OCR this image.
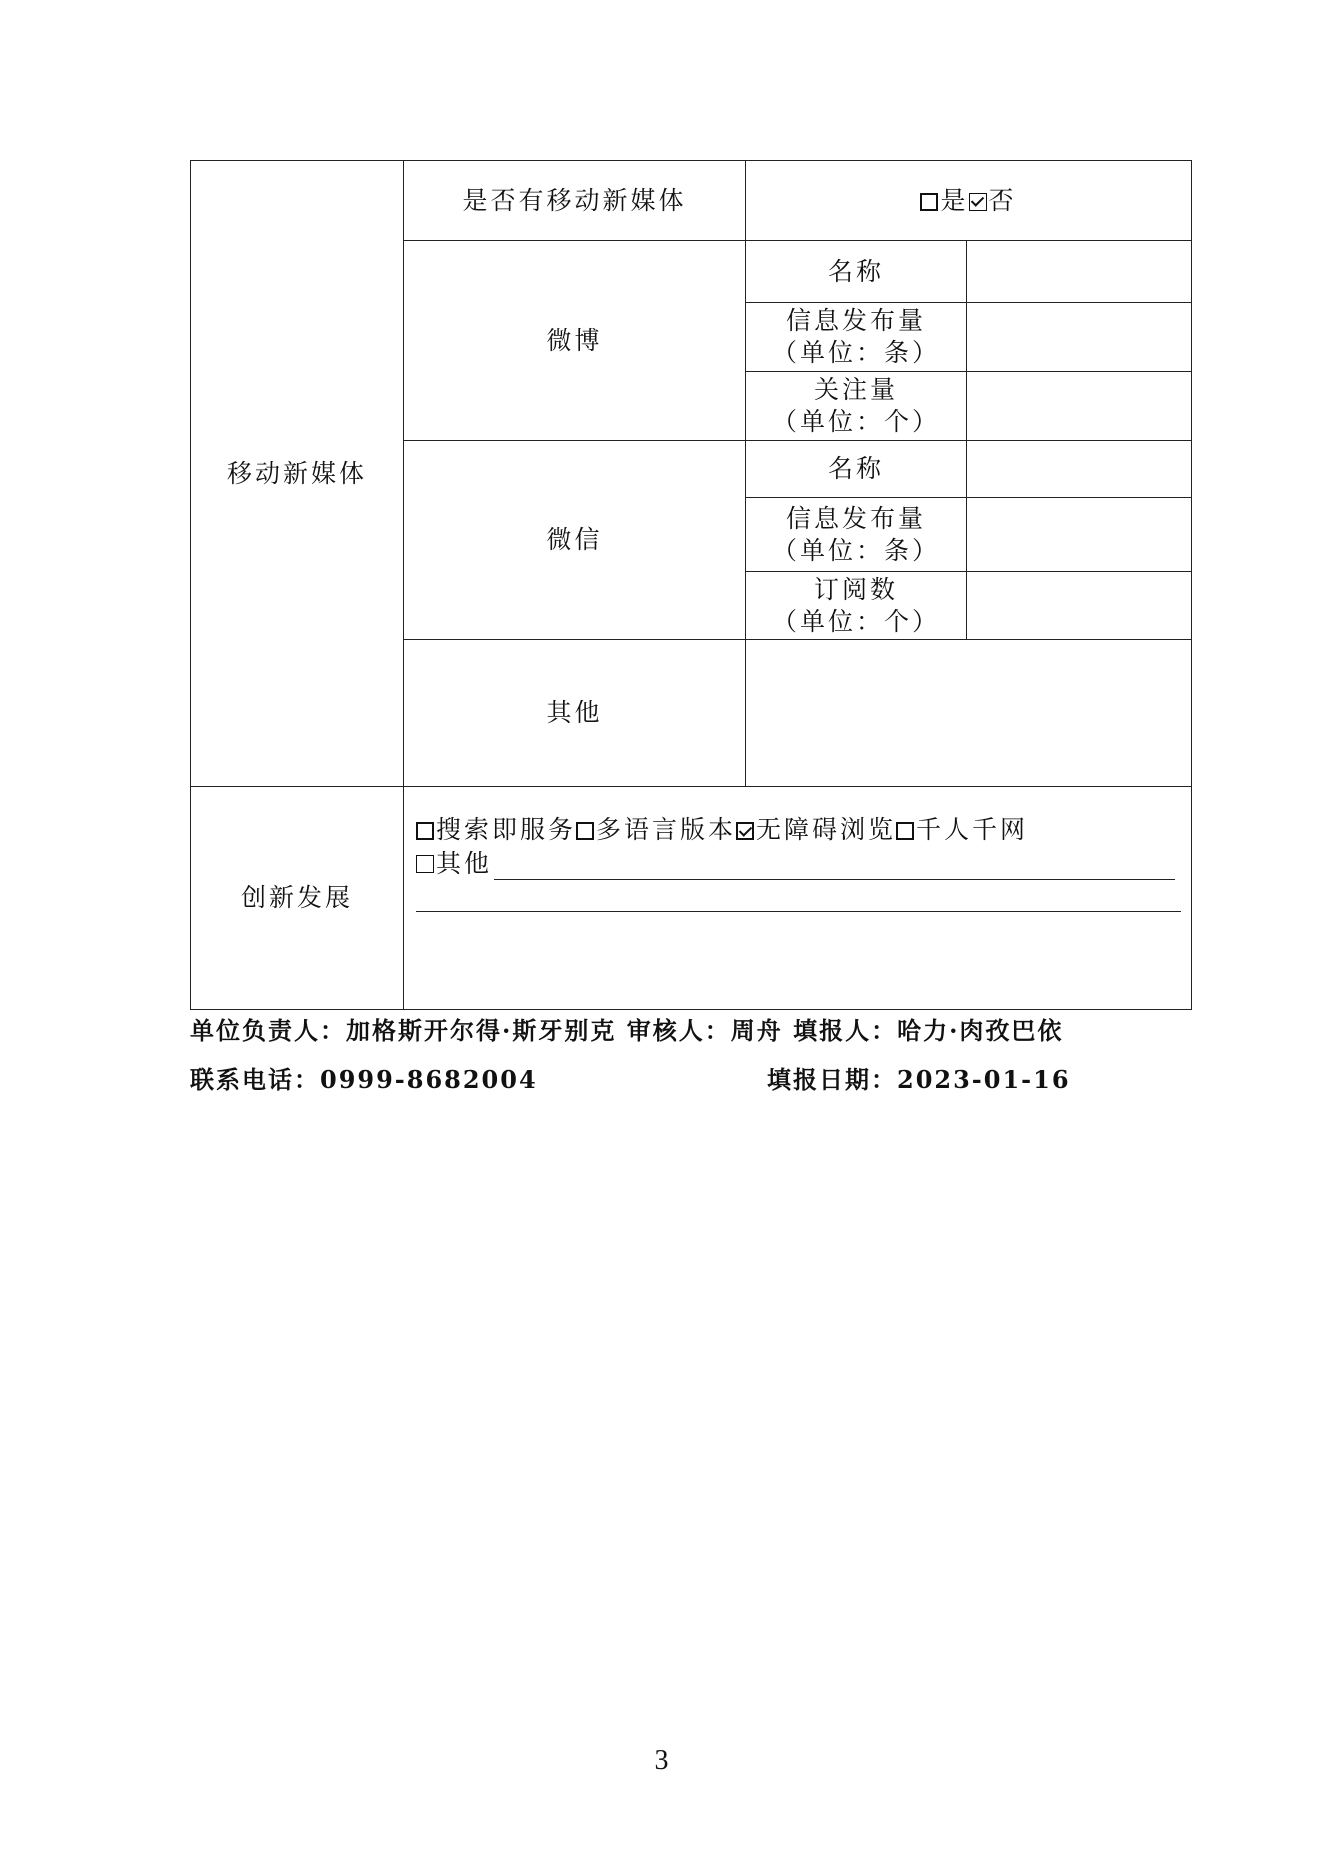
移动新媒体	是否有移动新媒体	是 否	
	微博	名称	

		信息发布量
（单位：条）	

		关注量
（单位：个）	

	微信	名称	

		信息发布量
（单位：条）	

		订阅数
（单位：个）	

	其他		
创新发展	搜索即服务 多语言版本 无障碍浏览 千人千网
其他		
单位负责人：加格斯开尔得·斯牙别克 审核人：周舟 填报人：哈力·肉孜巴依
联系电话：0999-8682004	填报日期：2023-01-16
3
